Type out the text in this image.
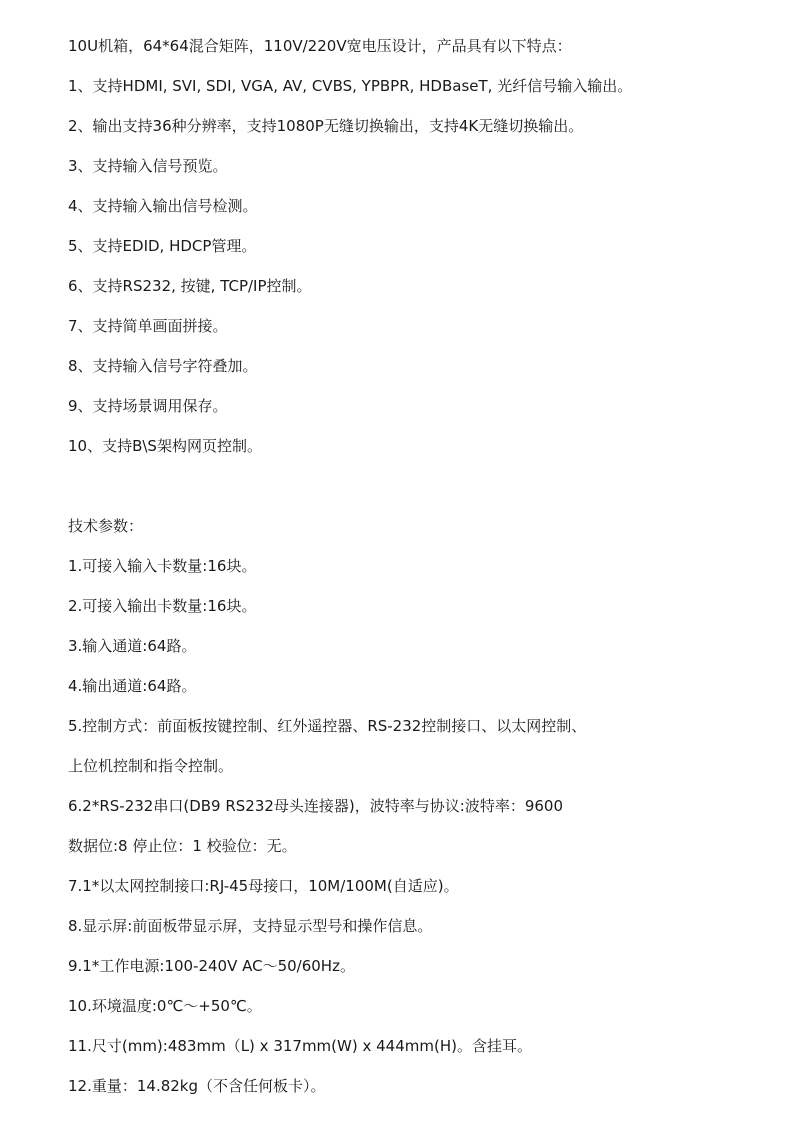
10U机箱，64*64混合矩阵，110V/220V宽电压设计，产品具有以下特点：
1、支持HDMI, SVI, SDI, VGA, AV, CVBS, YPBPR, HDBaseT, 光纤信号输入输出。
2、输出支持36种分辨率，支持1080P无缝切换输出，支持4K无缝切换输出。
3、支持输入信号预览。
4、支持输入输出信号检测。
5、支持EDID, HDCP管理。
6、支持RS232, 按键, TCP/IP控制。
7、支持简单画面拼接。
8、支持输入信号字符叠加。
9、支持场景调用保存。
10、支持B\S架构网页控制。
技术参数：
1.可接入输入卡数量:16块。
2.可接入输出卡数量:16块。
3.输入通道:64路。
4.输出通道:64路。
5.控制方式：前面板按键控制、红外遥控器、RS-232控制接口、以太网控制、
上位机控制和指令控制。
6.2*RS-232串口(DB9 RS232母头连接器)，波特率与协议:波特率：9600
数据位:8 停止位：1 校验位：无。
7.1*以太网控制接口:RJ-45母接口，10M/100M(自适应)。
8.显示屏:前面板带显示屏，支持显示型号和操作信息。
9.1*工作电源:100-240V AC～50/60Hz。
10.环境温度:0℃～+50℃。
11.尺寸(mm):483mm（L) x 317mm(W) x 444mm(H)。含挂耳。
12.重量：14.82kg（不含任何板卡）。
